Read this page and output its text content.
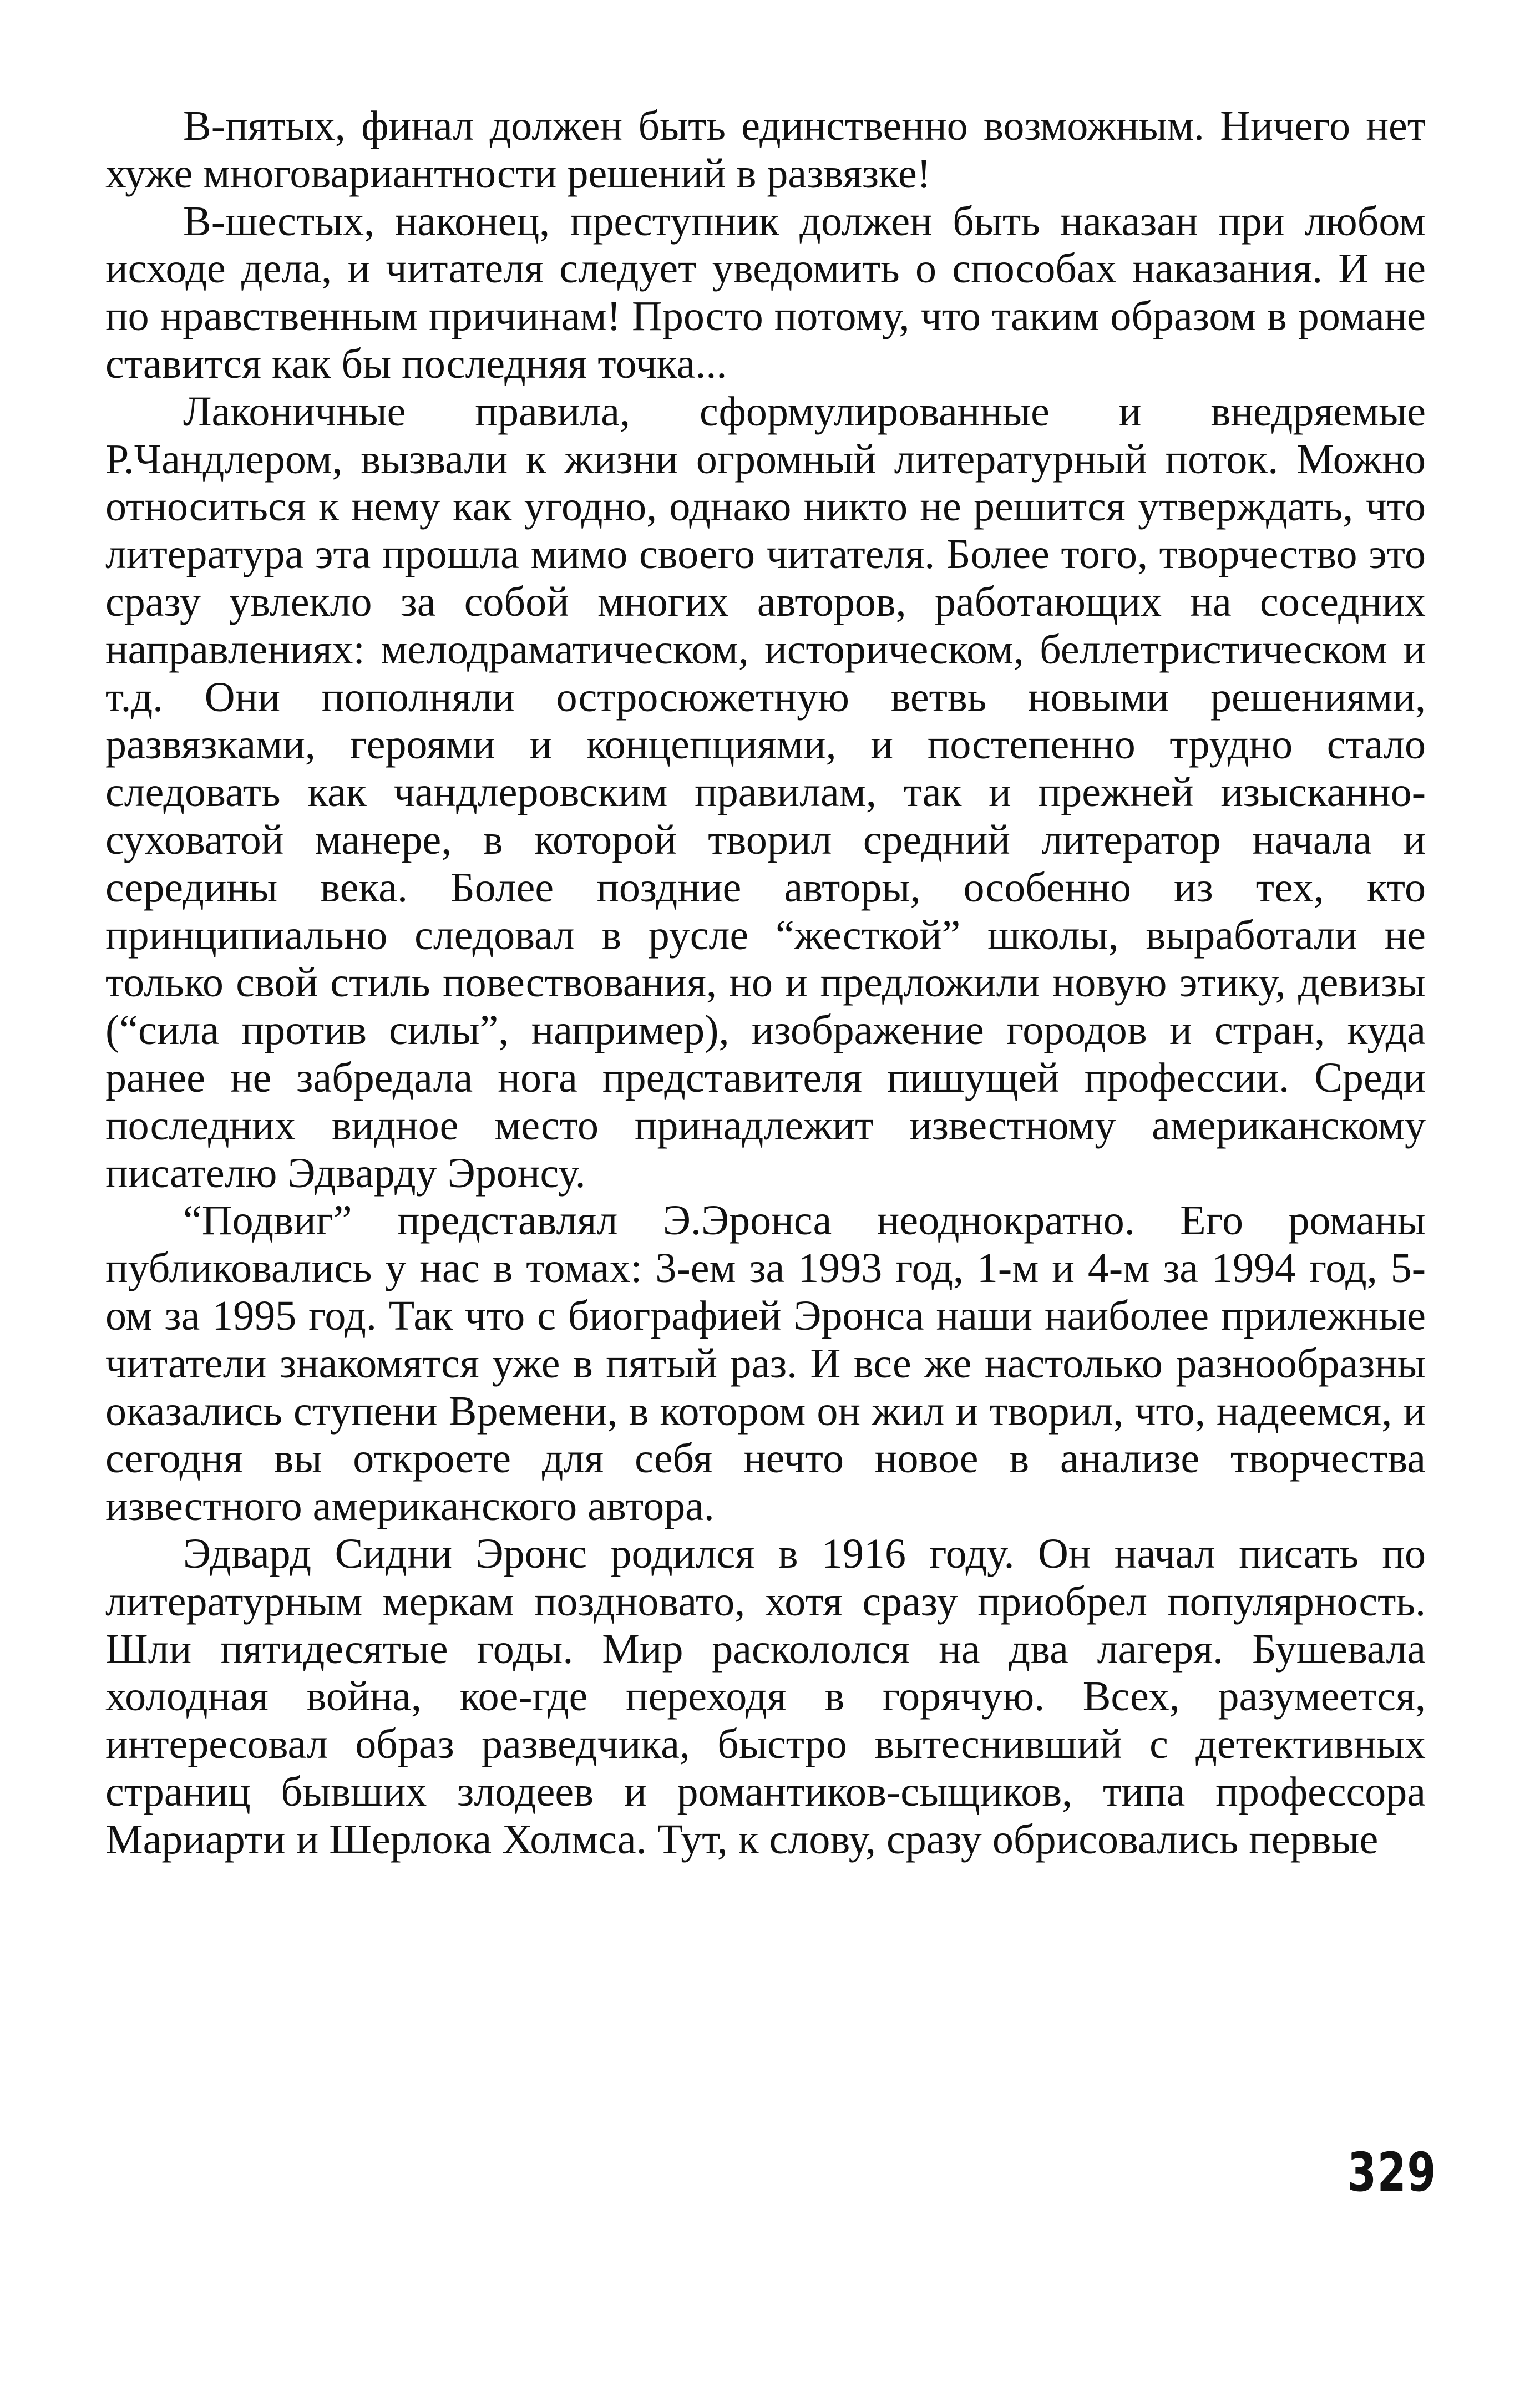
В-пятых, финал должен быть единственно возможным. Ничего нет хуже многовариантности решений в развязке!

В-шестых, наконец, преступник должен быть наказан при любом исходе дела, и читателя следует уведомить о способах наказания. И не по нравственным причинам! Просто потому, что таким образом в романе ставится как бы последняя точка...

Лаконичные правила, сформулированные и внедряемые Р.Чандлером, вызвали к жизни огромный литературный поток. Можно относиться к нему как угодно, однако никто не решится утверждать, что литература эта прошла мимо своего читателя. Более того, творчество это сразу увлекло за собой многих авторов, работающих на соседних направлениях: мелодраматическом, историческом, беллетристическом и т.д. Они пополняли остросюжетную ветвь новыми решениями, развязками, героями и концепциями, и постепенно трудно стало следовать как чандлеровским правилам, так и прежней изысканно-суховатой манере, в которой творил средний литератор начала и середины века. Более поздние авторы, особенно из тех, кто принципиально следовал в русле “жесткой” школы, выработали не только свой стиль повествования, но и предложили новую этику, девизы (“сила против силы”, например), изображение городов и стран, куда ранее не забредала нога представителя пишущей профессии. Среди последних видное место принадлежит известному американскому писателю Эдварду Эронсу.

“Подвиг” представлял Э.Эронса неоднократно. Его романы публиковались у нас в томах: 3-ем за 1993 год, 1-м и 4-м за 1994 год, 5-ом за 1995 год. Так что с биографией Эронса наши наиболее прилежные читатели знакомятся уже в пятый раз. И все же настолько разнообразны оказались ступени Времени, в котором он жил и творил, что, надеемся, и сегодня вы откроете для себя нечто новое в анализе творчества известного американского автора.

Эдвард Сидни Эронс родился в 1916 году. Он начал писать по литературным меркам поздновато, хотя сразу приобрел популярность. Шли пятидесятые годы. Мир раскололся на два лагеря. Бушевала холодная война, кое-где переходя в горячую. Всех, разумеется, интересовал образ разведчика, быстро вытеснивший с детективных страниц бывших злодеев и романтиков-сыщиков, типа профессора Мариарти и Шерлока Холмса. Тут, к слову, сразу обрисовались первые

329
